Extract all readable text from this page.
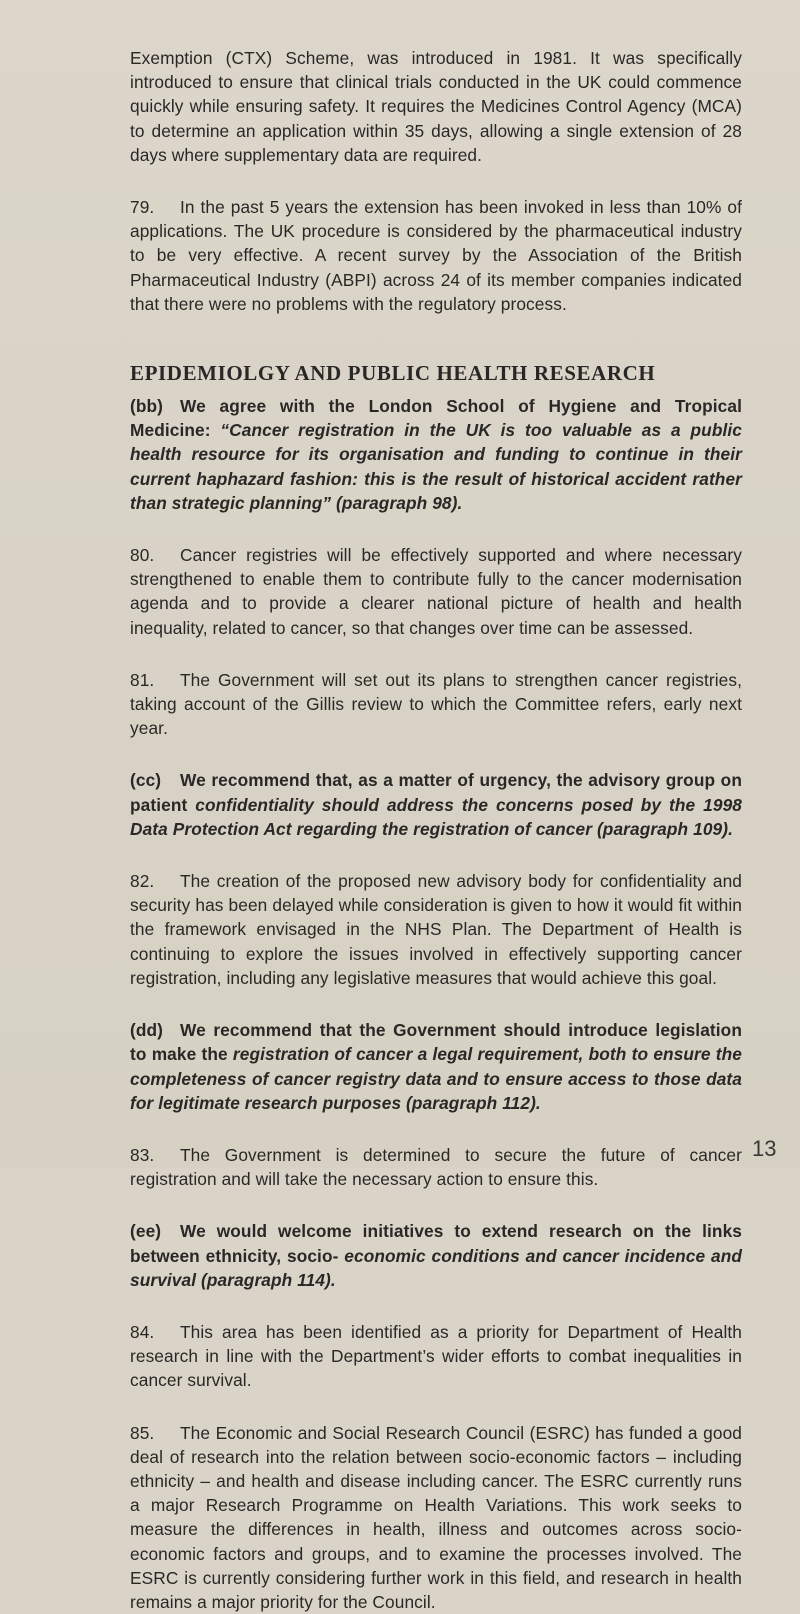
Exemption (CTX) Scheme, was introduced in 1981. It was specifically introduced to ensure that clinical trials conducted in the UK could commence quickly while ensuring safety. It requires the Medicines Control Agency (MCA) to determine an application within 35 days, allowing a single extension of 28 days where supplementary data are required.

79. In the past 5 years the extension has been invoked in less than 10% of applications. The UK procedure is considered by the pharmaceutical industry to be very effective. A recent survey by the Association of the British Pharmaceutical Industry (ABPI) across 24 of its member companies indicated that there were no problems with the regulatory process.

EPIDEMIOLGY AND PUBLIC HEALTH RESEARCH

(bb) We agree with the London School of Hygiene and Tropical Medicine: “Cancer registration in the UK is too valuable as a public health resource for its organisation and funding to continue in their current haphazard fashion: this is the result of historical accident rather than strategic planning” (paragraph 98).

80. Cancer registries will be effectively supported and where necessary strengthened to enable them to contribute fully to the cancer modernisation agenda and to provide a clearer national picture of health and health inequality, related to cancer, so that changes over time can be assessed.

81. The Government will set out its plans to strengthen cancer registries, taking account of the Gillis review to which the Committee refers, early next year.

(cc) We recommend that, as a matter of urgency, the advisory group on patient confidentiality should address the concerns posed by the 1998 Data Protection Act regarding the registration of cancer (paragraph 109).

82. The creation of the proposed new advisory body for confidentiality and security has been delayed while consideration is given to how it would fit within the framework envisaged in the NHS Plan. The Department of Health is continuing to explore the issues involved in effectively supporting cancer registration, including any legislative measures that would achieve this goal.

(dd) We recommend that the Government should introduce legislation to make the registration of cancer a legal requirement, both to ensure the completeness of cancer registry data and to ensure access to those data for legitimate research purposes (paragraph 112).

83. The Government is determined to secure the future of cancer registration and will take the necessary action to ensure this.

(ee) We would welcome initiatives to extend research on the links between ethnicity, socio- economic conditions and cancer incidence and survival (paragraph 114).

84. This area has been identified as a priority for Department of Health research in line with the Department’s wider efforts to combat inequalities in cancer survival.

85. The Economic and Social Research Council (ESRC) has funded a good deal of research into the relation between socio-economic factors – including ethnicity – and health and disease including cancer. The ESRC currently runs a major Research Programme on Health Variations. This work seeks to measure the differences in health, illness and outcomes across socio-economic factors and groups, and to examine the processes involved. The ESRC is currently considering further work in this field, and research in health remains a major priority for the Council.

13
